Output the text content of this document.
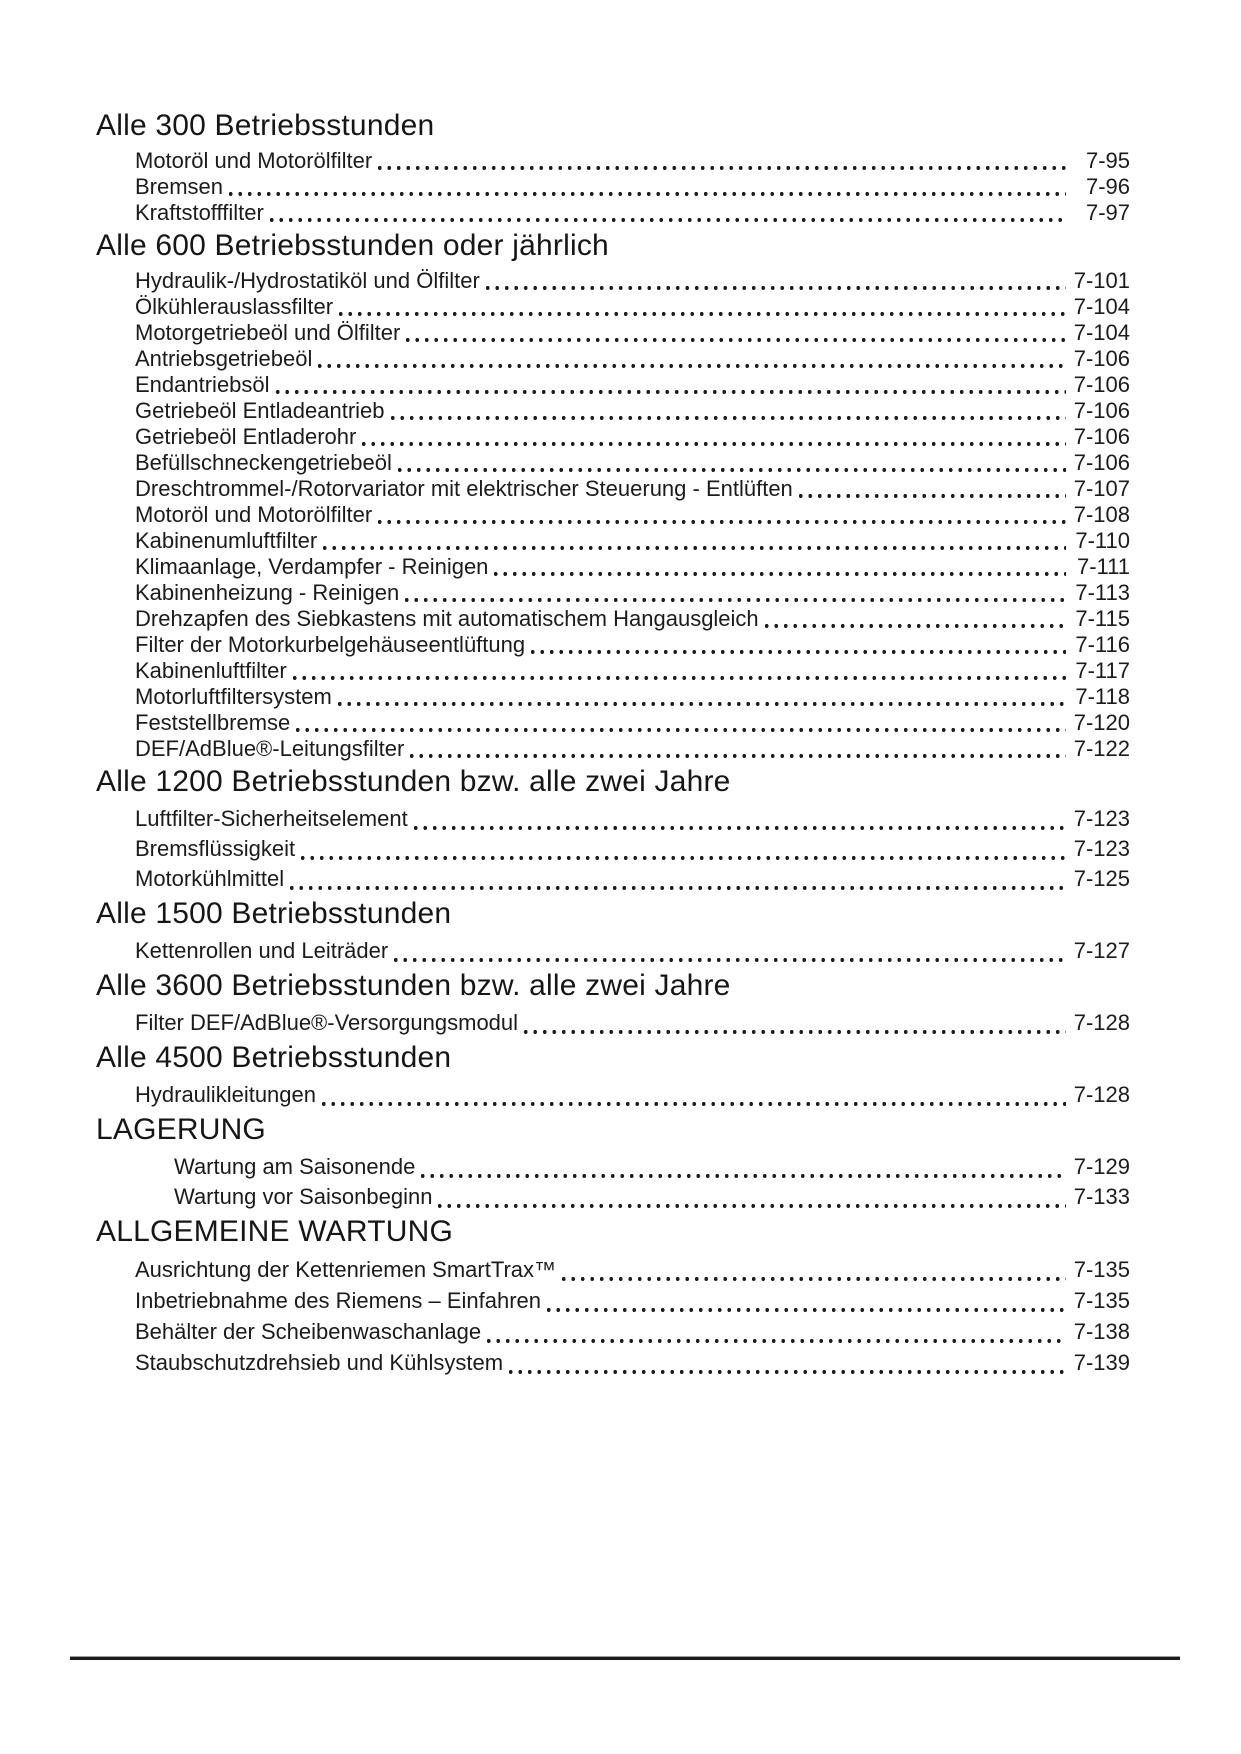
Alle 300 Betriebsstunden
Motoröl und Motorölfilter	7-95
Bremsen	7-96
Kraftstofffilter	7-97
Alle 600 Betriebsstunden oder jährlich
Hydraulik-/Hydrostatiköl und Ölfilter	7-101
Ölkühlerauslassfilter	7-104
Motorgetriebeöl und Ölfilter	7-104
Antriebsgetriebeöl	7-106
Endantriebsöl	7-106
Getriebeöl Entladeantrieb	7-106
Getriebeöl Entladerohr	7-106
Befüllschneckengetriebeöl	7-106
Dreschtrommel-/Rotorvariator mit elektrischer Steuerung - Entlüften	7-107
Motoröl und Motorölfilter	7-108
Kabinenumluftfilter	7-110
Klimaanlage, Verdampfer - Reinigen	7-111
Kabinenheizung - Reinigen	7-113
Drehzapfen des Siebkastens mit automatischem Hangausgleich	7-115
Filter der Motorkurbelgehäuseentlüftung	7-116
Kabinenluftfilter	7-117
Motorluftfiltersystem	7-118
Feststellbremse	7-120
DEF/AdBlue®-Leitungsfilter	7-122
Alle 1200 Betriebsstunden bzw. alle zwei Jahre
Luftfilter-Sicherheitselement	7-123
Bremsflüssigkeit	7-123
Motorkühlmittel	7-125
Alle 1500 Betriebsstunden
Kettenrollen und Leiträder	7-127
Alle 3600 Betriebsstunden bzw. alle zwei Jahre
Filter DEF/AdBlue®-Versorgungsmodul	7-128
Alle 4500 Betriebsstunden
Hydraulikleitungen	7-128
LAGERUNG
Wartung am Saisonende	7-129
Wartung vor Saisonbeginn	7-133
ALLGEMEINE WARTUNG
Ausrichtung der Kettenriemen SmartTrax™	7-135
Inbetriebnahme des Riemens – Einfahren	7-135
Behälter der Scheibenwaschanlage	7-138
Staubschutzdrehsieb und Kühlsystem	7-139
